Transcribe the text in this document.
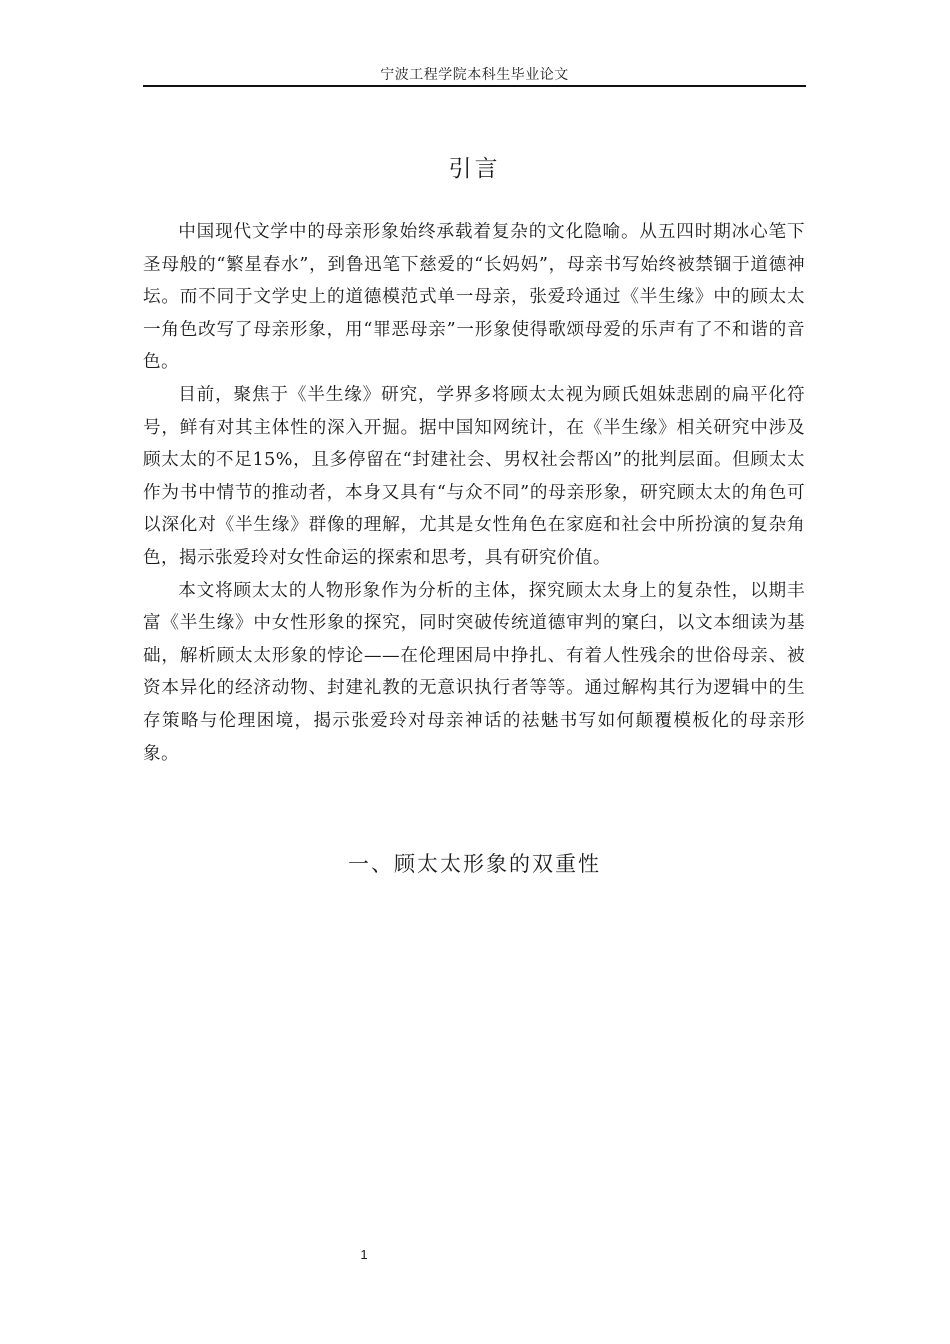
宁波工程学院本科生毕业论文
引言

中国现代文学中的母亲形象始终承载着复杂的文化隐喻。从五四时期冰心笔下圣母般的“繁星春水”，到鲁迅笔下慈爱的“长妈妈”，母亲书写始终被禁锢于道德神坛。而不同于文学史上的道德模范式单一母亲，张爱玲通过《半生缘》中的顾太太一角色改写了母亲形象，用“罪恶母亲”一形象使得歌颂母爱的乐声有了不和谐的音色。

目前，聚焦于《半生缘》研究，学界多将顾太太视为顾氏姐妹悲剧的扁平化符号，鲜有对其主体性的深入开掘。据中国知网统计，在《半生缘》相关研究中涉及顾太太的不足15%，且多停留在“封建社会、男权社会帮凶”的批判层面。但顾太太作为书中情节的推动者，本身又具有“与众不同”的母亲形象，研究顾太太的角色可以深化对《半生缘》群像的理解，尤其是女性角色在家庭和社会中所扮演的复杂角色，揭示张爱玲对女性命运的探索和思考，具有研究价值。

本文将顾太太的人物形象作为分析的主体，探究顾太太身上的复杂性，以期丰富《半生缘》中女性形象的探究，同时突破传统道德审判的窠臼，以文本细读为基础，解析顾太太形象的悖论——在伦理困局中挣扎、有着人性残余的世俗母亲、被资本异化的经济动物、封建礼教的无意识执行者等等。通过解构其行为逻辑中的生存策略与伦理困境，揭示张爱玲对母亲神话的祛魅书写如何颠覆模板化的母亲形象。

一、顾太太形象的双重性
1
